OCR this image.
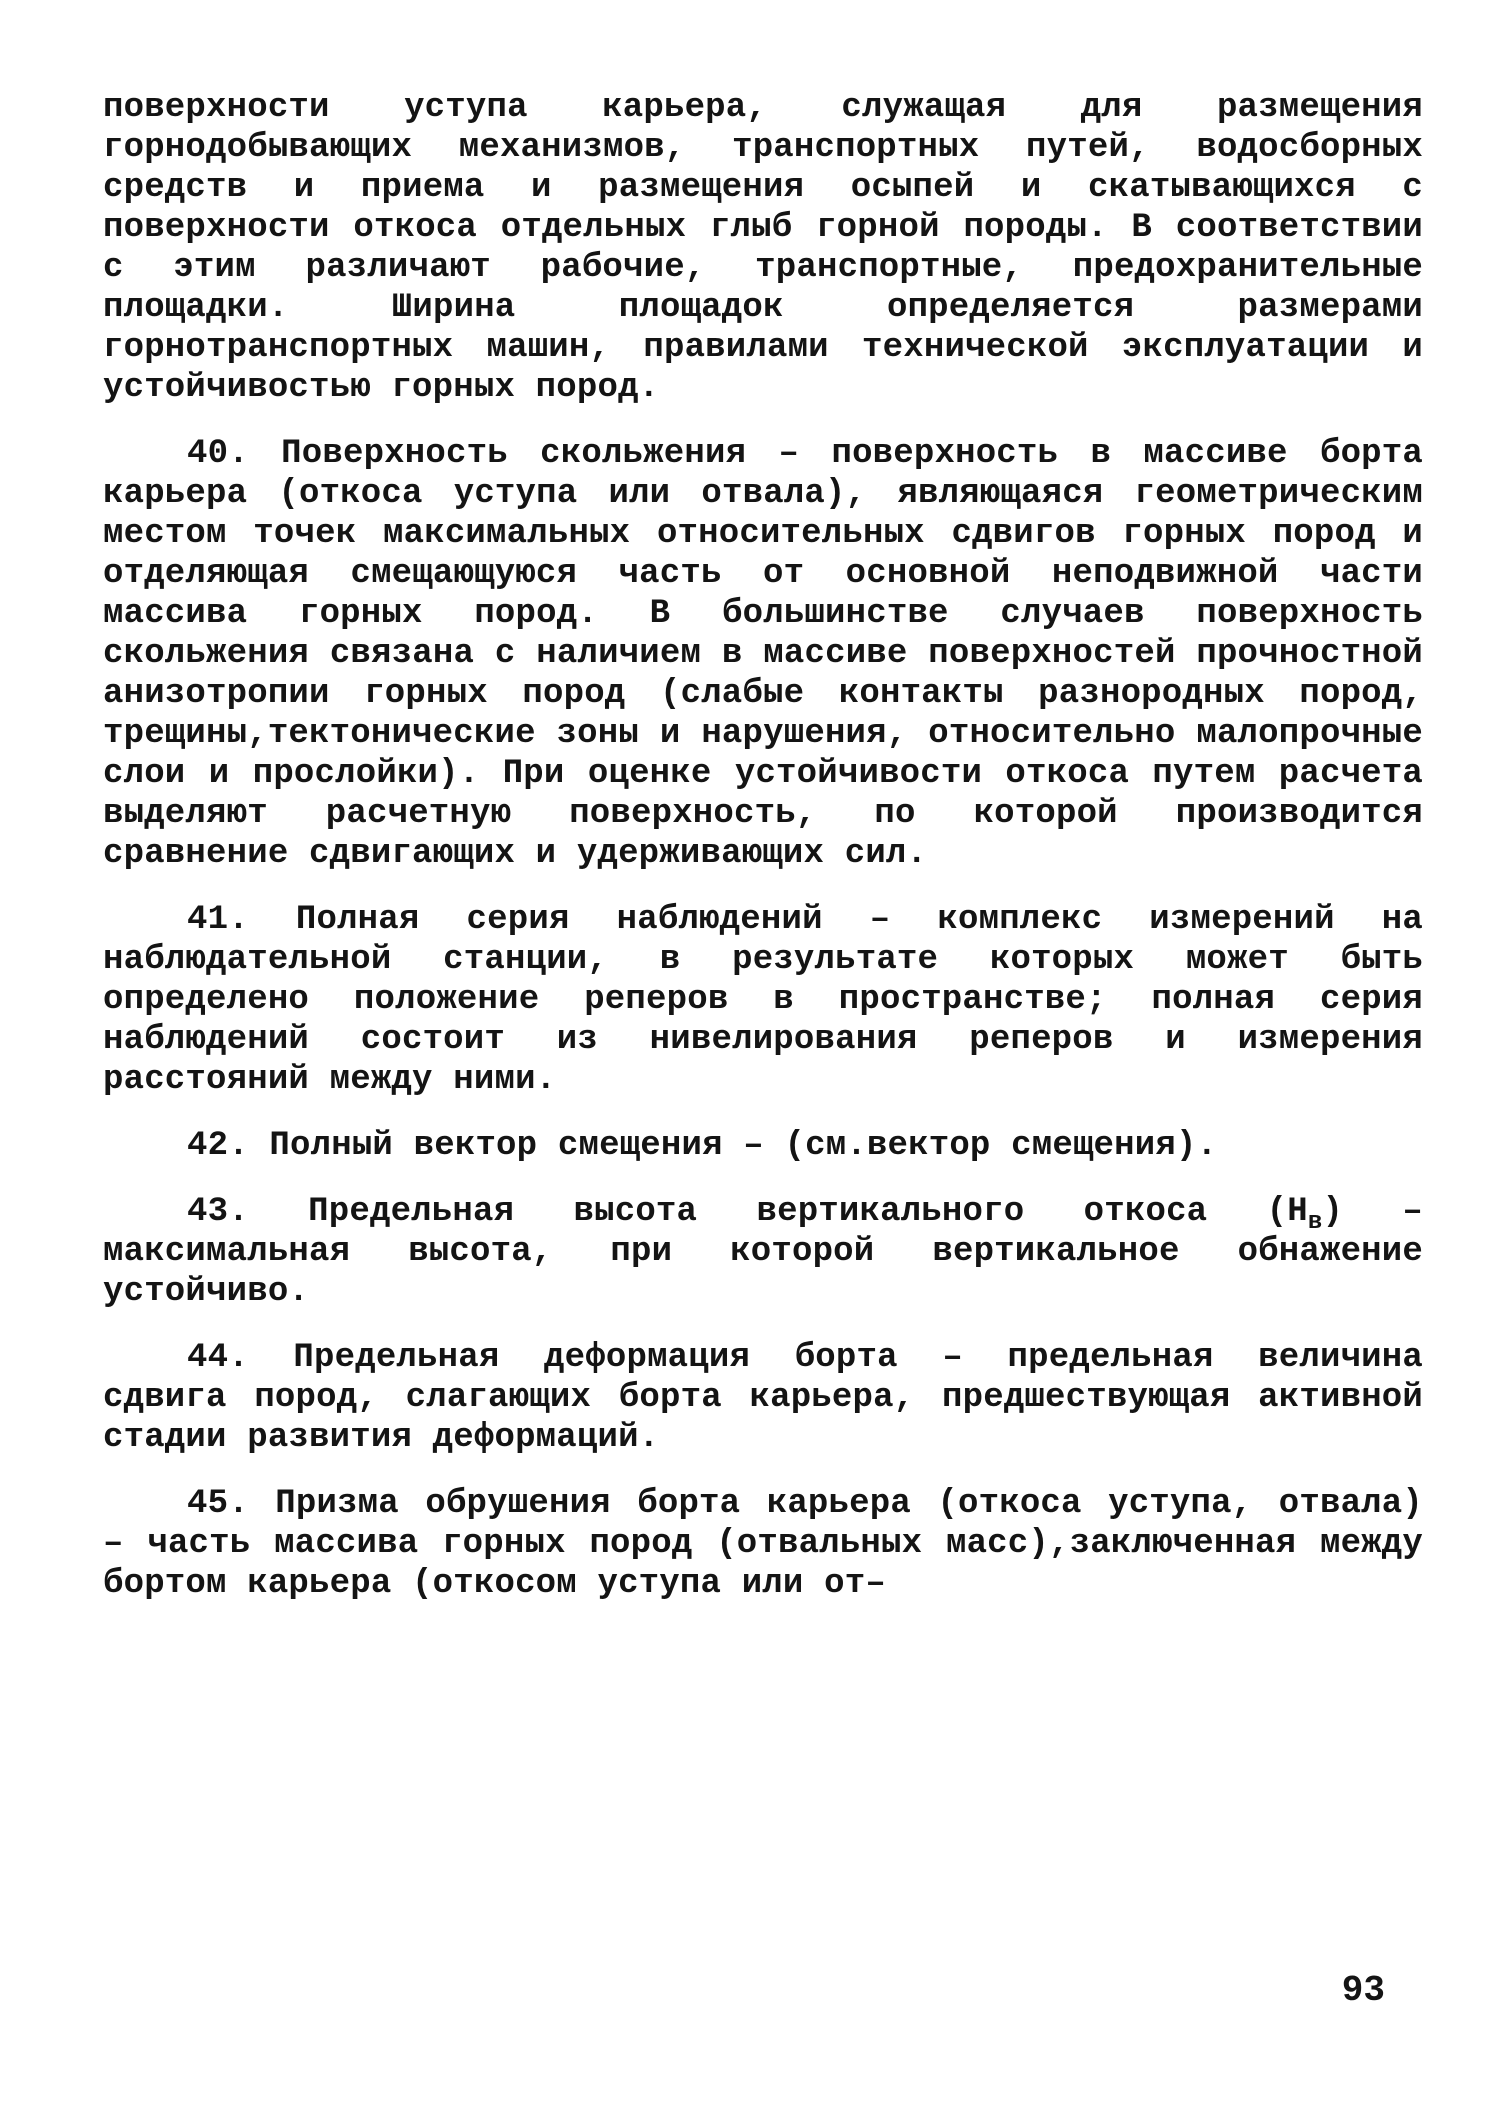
поверхности уступа карьера, служащая для размещения горнодобывающих механизмов, транспортных путей, водосборных средств и приема и размещения осыпей и скатывающихся с поверхности откоса отдельных глыб горной породы. В соответствии с этим различают рабочие, транспортные, предохранительные площадки. Ширина площадок определяется размерами горнотранспортных машин, правилами технической эксплуатации и устойчивостью горных пород.

40. Поверхность скольжения – поверхность в массиве борта карьера (откоса уступа или отвала), являющаяся геометрическим местом точек максимальных относительных сдвигов горных пород и отделяющая смещающуюся часть от основной неподвижной части массива горных пород. В большинстве случаев поверхность скольжения связана с наличием в массиве поверхностей прочностной анизотропии горных пород (слабые контакты разнородных пород, трещины,тектонические зоны и нарушения, относительно малопрочные слои и прослойки). При оценке устойчивости откоса путем расчета выделяют расчетную поверхность, по которой производится сравнение сдвигающих и удерживающих сил.

41. Полная серия наблюдений – комплекс измерений на наблюдательной станции, в результате которых может быть определено положение реперов в пространстве; полная серия наблюдений состоит из нивелирования реперов и измерения расстояний между ними.

42. Полный вектор смещения – (см.вектор смещения).

43. Предельная высота вертикального откоса $(Н_в)$ – максимальная высота, при которой вертикальное обнажение устойчиво.

44. Предельная деформация борта – предельная величина сдвига пород, слагающих борта карьера, предшествующая активной стадии развития деформаций.

45. Призма обрушения борта карьера (откоса уступа, отвала) – часть массива горных пород (отвальных масс),заключенная между бортом карьера (откосом уступа или от–

93
